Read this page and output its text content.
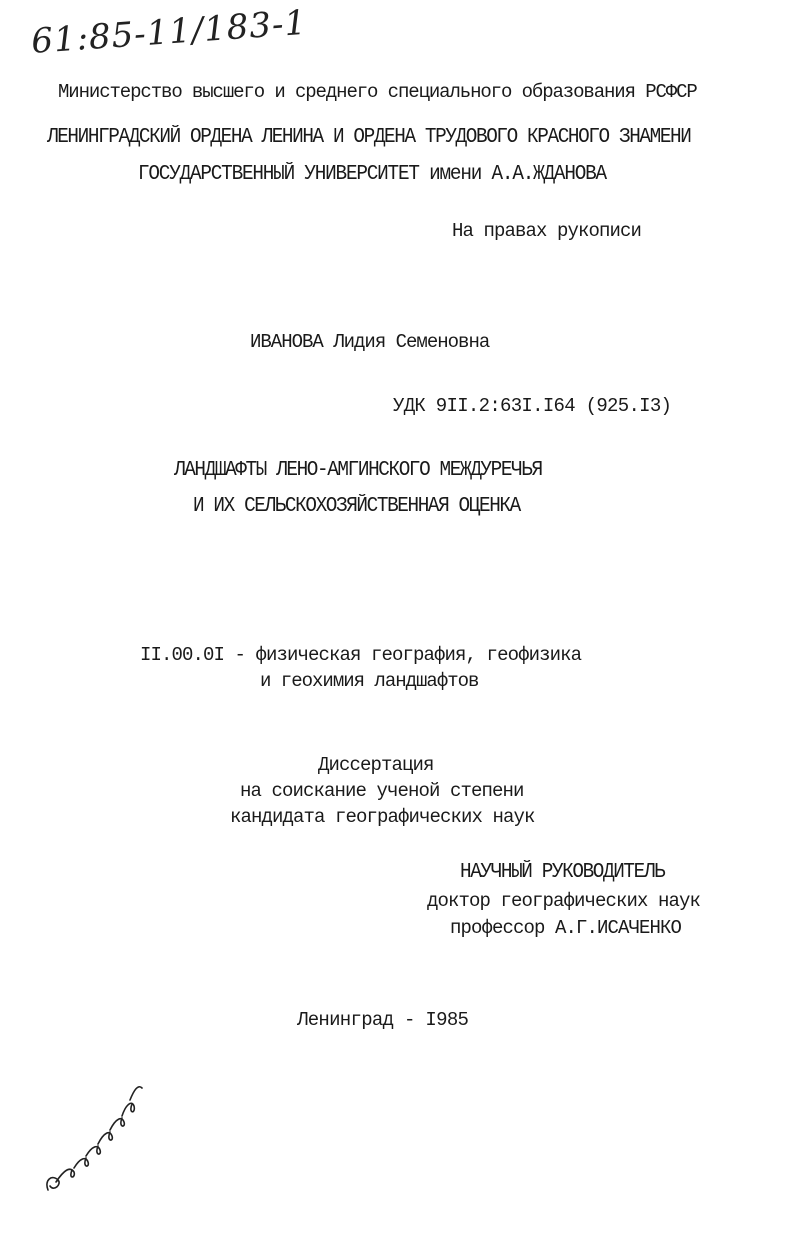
61:85-11/183-1
Министерство высшего и среднего специального образования РСФСР
ЛЕНИНГРАДСКИЙ ОРДЕНА ЛЕНИНА И ОРДЕНА ТРУДОВОГО КРАСНОГО ЗНАМЕНИ
ГОСУДАРСТВЕННЫЙ УНИВЕРСИТЕТ имени А.А.ЖДАНОВА
На правах рукописи
ИВАНОВА Лидия Семеновна
УДК 9II.2:63I.I64 (925.I3)
ЛАНДШАФТЫ ЛЕНО-АМГИНСКОГО МЕЖДУРЕЧЬЯ
И ИХ СЕЛЬСКОХОЗЯЙСТВЕННАЯ ОЦЕНКА
II.00.0I - физическая география, геофизика
и геохимия ландшафтов
Диссертация
на соискание ученой степени
кандидата географических наук
НАУЧНЫЙ РУКОВОДИТЕЛЬ
доктор географических наук
профессор А.Г.ИСАЧЕНКО
Ленинград - I985
